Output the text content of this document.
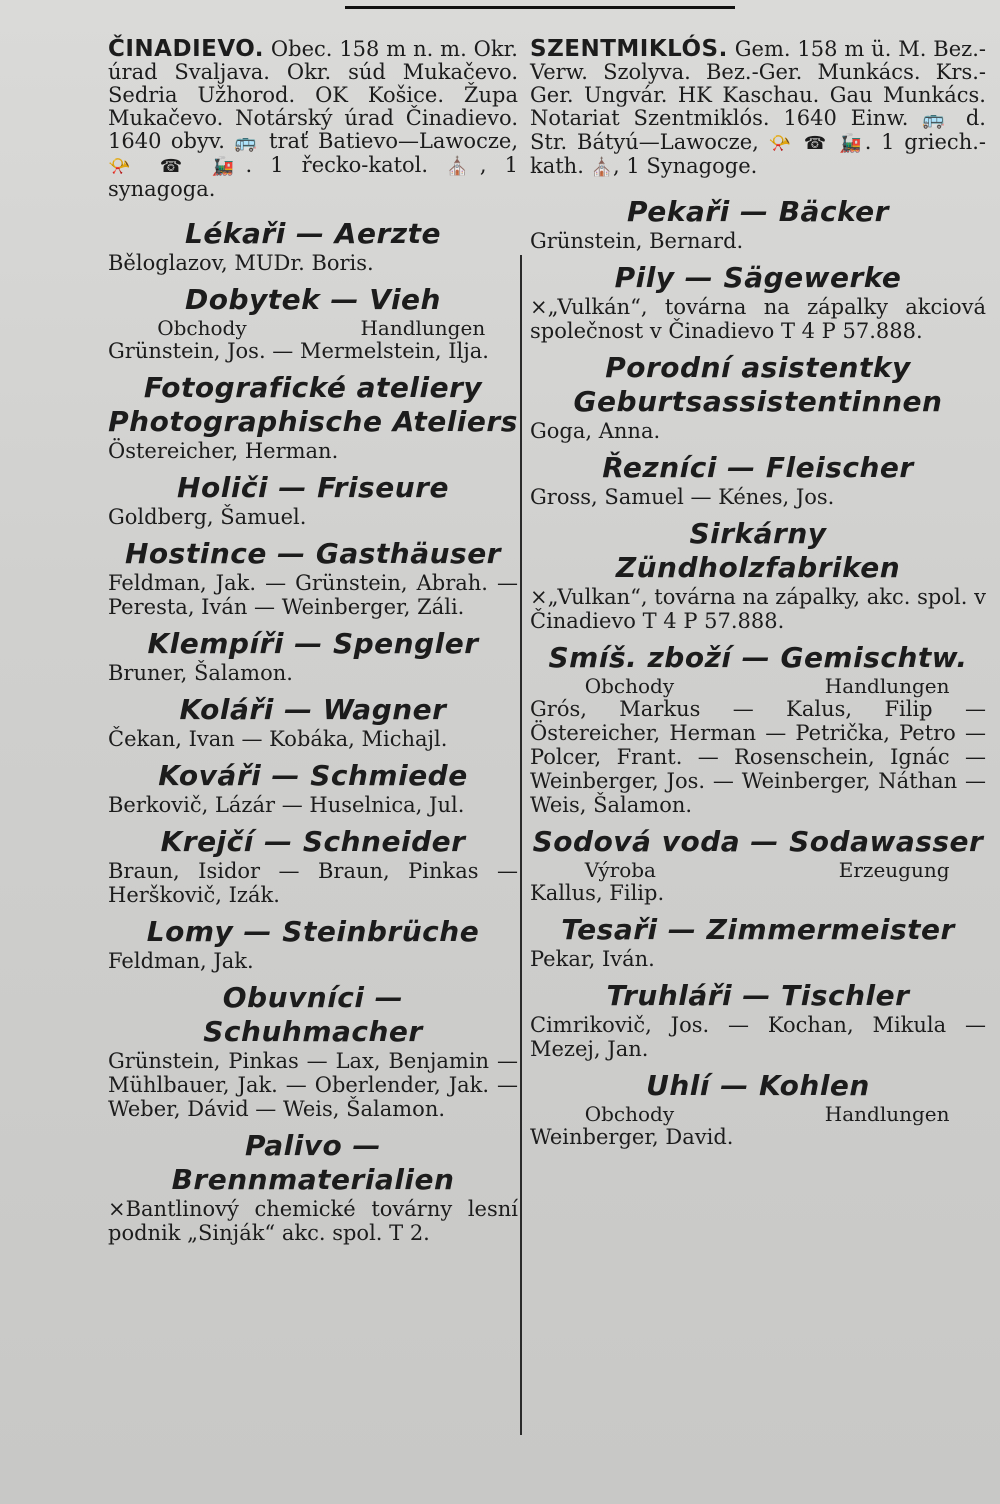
ČINADIEVO. Obec. 158 m n. m. Okr. úrad Svaljava. Okr. súd Mukačevo. Sedria Užhorod. OK Košice. Župa Mukačevo. Notárský úrad Činadievo. 1640 obyv. 🚌 trať Batievo—Lawocze, 📯 ☎ 🚂. 1 řecko-katol. ⛪, 1 synagoga.
Lékaři — Aerzte
Běloglazov, MUDr. Boris.
Dobytek — Vieh
Obchody	Handlungen
Grünstein, Jos. — Mermelstein, Ilja.
Fotografické ateliery
Photographische Ateliers
Östereicher, Herman.
Holiči — Friseure
Goldberg, Šamuel.
Hostince — Gasthäuser
Feldman, Jak. — Grünstein, Abrah. — Peresta, Iván — Weinberger, Záli.
Klempíři — Spengler
Bruner, Šalamon.
Koláři — Wagner
Čekan, Ivan — Kobáka, Michajl.
Kováři — Schmiede
Berkovič, Lázár — Huselnica, Jul.
Krejčí — Schneider
Braun, Isidor — Braun, Pinkas — Herškovič, Izák.
Lomy — Steinbrüche
Feldman, Jak.
Obuvníci — Schuhmacher
Grünstein, Pinkas — Lax, Benjamin — Mühlbauer, Jak. — Oberlender, Jak. — Weber, Dávid — Weis, Šalamon.
Palivo — Brennmaterialien
×Bantlinový chemické továrny lesní podnik „Sinják“ akc. spol. T 2.
SZENTMIKLÓS. Gem. 158 m ü. M. Bez.-Verw. Szolyva. Bez.-Ger. Munkács. Krs.-Ger. Ungvár. HK Kaschau. Gau Munkács. Notariat Szentmiklós. 1640 Einw. 🚌 d. Str. Bátyú—Lawocze, 📯 ☎ 🚂. 1 griech.-kath. ⛪, 1 Synagoge.
Pekaři — Bäcker
Grünstein, Bernard.
Pily — Sägewerke
×„Vulkán“, továrna na zápalky akciová společnost v Činadievo T 4 P 57.888.
Porodní asistentky
Geburtsassistentinnen
Goga, Anna.
Řezníci — Fleischer
Gross, Samuel — Kénes, Jos.
Sirkárny
Zündholzfabriken
×„Vulkan“, továrna na zápalky, akc. spol. v Činadievo T 4 P 57.888.
Smíš. zboží — Gemischtw.
Obchody	Handlungen
Grós, Markus — Kalus, Filip — Östereicher, Herman — Petrička, Petro — Polcer, Frant. — Rosenschein, Ignác — Weinberger, Jos. — Weinberger, Náthan — Weis, Šalamon.
Sodová voda — Sodawasser
Výroba	Erzeugung
Kallus, Filip.
Tesaři — Zimmermeister
Pekar, Iván.
Truhláři — Tischler
Cimrikovič, Jos. — Kochan, Mikula — Mezej, Jan.
Uhlí — Kohlen
Obchody	Handlungen
Weinberger, David.
